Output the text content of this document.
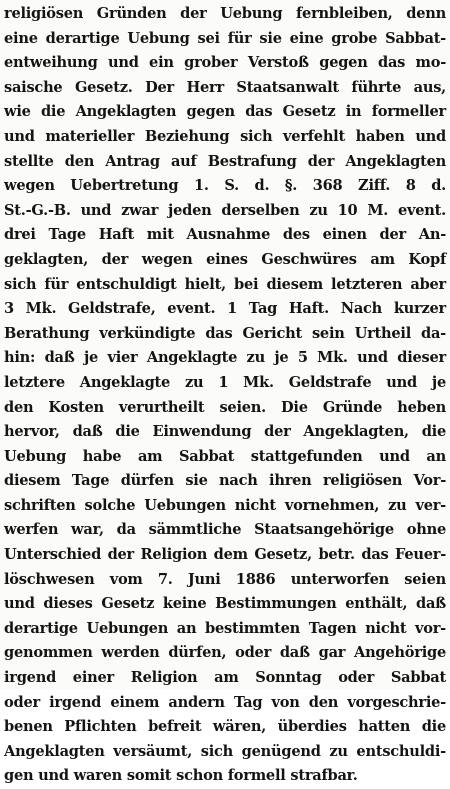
religiösen Gründen der Uebung fernbleiben, denn
eine derartige Uebung sei für sie eine grobe Sabbat-
entweihung und ein grober Verstoß gegen das mo-
saische Gesetz. Der Herr Staatsanwalt führte aus,
wie die Angeklagten gegen das Gesetz in formeller
und materieller Beziehung sich verfehlt haben und
stellte den Antrag auf Bestrafung der Angeklagten
wegen Uebertretung 1. S. d. §. 368 Ziff. 8 d.
St.-G.-B. und zwar jeden derselben zu 10 M. event.
drei Tage Haft mit Ausnahme des einen der An-
geklagten, der wegen eines Geschwüres am Kopf
sich für entschuldigt hielt, bei diesem letzteren aber
3 Mk. Geldstrafe, event. 1 Tag Haft. Nach kurzer
Berathung verkündigte das Gericht sein Urtheil da-
hin: daß je vier Angeklagte zu je 5 Mk. und dieser
letztere Angeklagte zu 1 Mk. Geldstrafe und je
den Kosten verurtheilt seien. Die Gründe heben
hervor, daß die Einwendung der Angeklagten, die
Uebung habe am Sabbat stattgefunden und an
diesem Tage dürfen sie nach ihren religiösen Vor-
schriften solche Uebungen nicht vornehmen, zu ver-
werfen war, da sämmtliche Staatsangehörige ohne
Unterschied der Religion dem Gesetz, betr. das Feuer-
löschwesen vom 7. Juni 1886 unterworfen seien
und dieses Gesetz keine Bestimmungen enthält, daß
derartige Uebungen an bestimmten Tagen nicht vor-
genommen werden dürfen, oder daß gar Angehörige
irgend einer Religion am Sonntag oder Sabbat
oder irgend einem andern Tag von den vorgeschrie-
benen Pflichten befreit wären, überdies hatten die
Angeklagten versäumt, sich genügend zu entschuldi-
gen und waren somit schon formell strafbar.
